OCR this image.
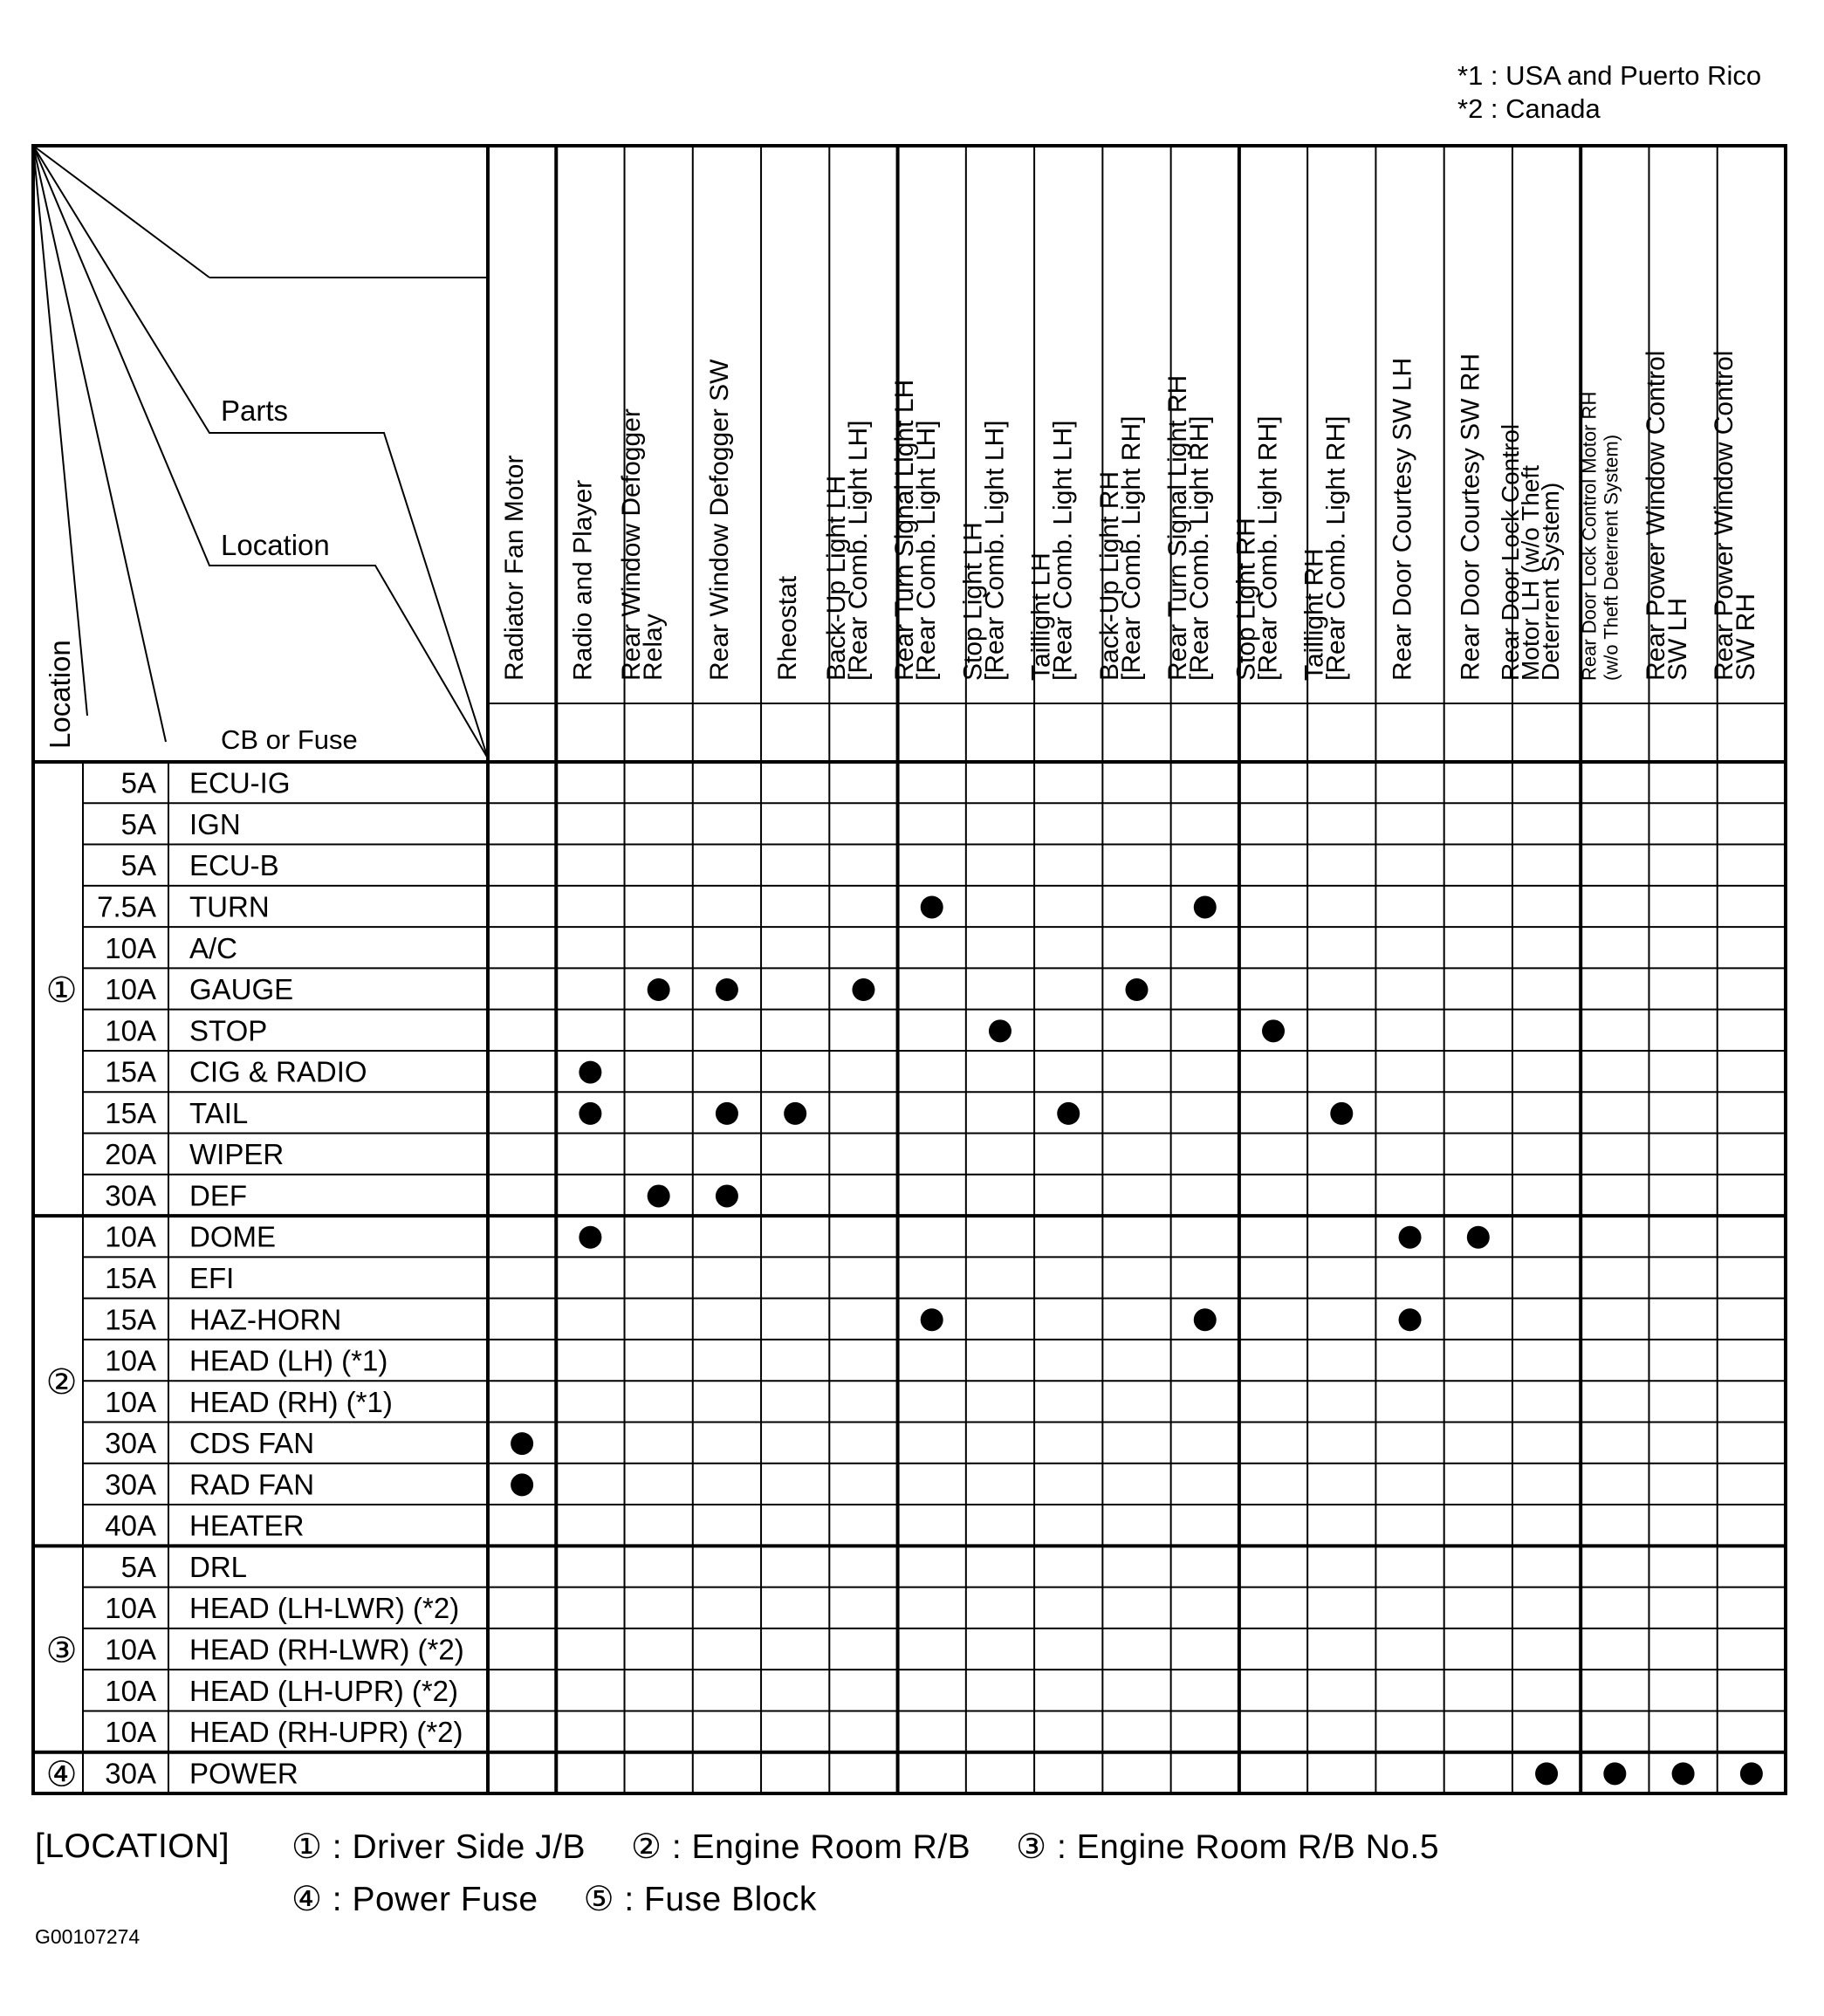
*1 : USA and Puerto Rico
*2 : Canada
Parts
Location
CB or Fuse
Location
Radiator Fan Motor Radio and Player Rear Window Defogger
Relay Rear Window Defogger SW Rheostat Back-Up Light LH
[Rear Comb. Light LH] Rear Turn Signal Light LH
[Rear Comb. Light LH] Stop Light LH
[Rear Comb. Light LH] Taillight LH
[Rear Comb. Light LH] Back-Up Light RH
[Rear Comb. Light RH] Rear Turn Signal Light RH
[Rear Comb. Light RH] Stop Light RH
[Rear Comb. Light RH] Taillight RH
[Rear Comb. Light RH] Rear Door Courtesy SW LH Rear Door Courtesy SW RH Rear Door Lock Control
Motor LH (w/o Theft
Deterrent System) Rear Door Lock Control Motor RH (w/o Theft Deterrent System) Rear Power Window Control
SW LH Rear Power Window Control
SW RH
①
②
③
④
5A ECU-IG
5A IGN
5A ECU-B
7.5A TURN
10A A/C
10A GAUGE
10A STOP
15A CIG & RADIO
15A TAIL
20A WIPER
30A DEF
10A DOME
15A EFI
15A HAZ-HORN
10A HEAD (LH) (*1)
10A HEAD (RH) (*1)
30A CDS FAN
30A RAD FAN
40A HEATER
5A DRL
10A HEAD (LH-LWR) (*2)
10A HEAD (RH-LWR) (*2)
10A HEAD (LH-UPR) (*2)
10A HEAD (RH-UPR) (*2)
30A POWER
[LOCATION] ① : Driver Side J/B ② : Engine Room R/B ③ : Engine Room R/B No.5
④ : Power Fuse ⑤ : Fuse Block
G00107274
